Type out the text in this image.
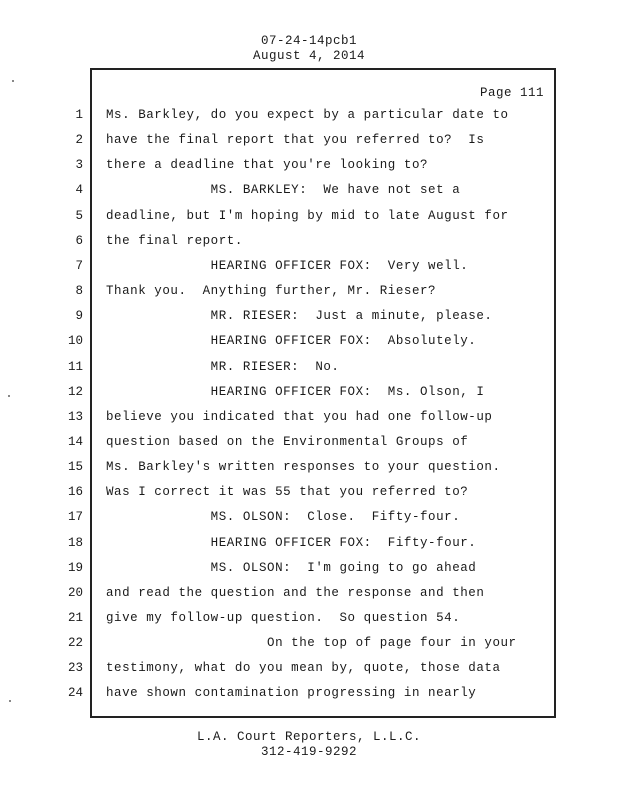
07-24-14pcb1
August 4, 2014
Page 111
1 Ms. Barkley, do you expect by a particular date to
2 have the final report that you referred to?  Is
3 there a deadline that you're looking to?
4 MS. BARKLEY:  We have not set a
5 deadline, but I'm hoping by mid to late August for
6 the final report.
7 HEARING OFFICER FOX:  Very well.
8 Thank you.  Anything further, Mr. Rieser?
9 MR. RIESER:  Just a minute, please.
10 HEARING OFFICER FOX:  Absolutely.
11 MR. RIESER:  No.
12 HEARING OFFICER FOX:  Ms. Olson, I
13 believe you indicated that you had one follow-up
14 question based on the Environmental Groups of
15 Ms. Barkley's written responses to your question.
16 Was I correct it was 55 that you referred to?
17 MS. OLSON:  Close.  Fifty-four.
18 HEARING OFFICER FOX:  Fifty-four.
19 MS. OLSON:  I'm going to go ahead
20 and read the question and the response and then
21 give my follow-up question.  So question 54.
22 On the top of page four in your
23 testimony, what do you mean by, quote, those data
24 have shown contamination progressing in nearly
L.A. Court Reporters, L.L.C.
312-419-9292
